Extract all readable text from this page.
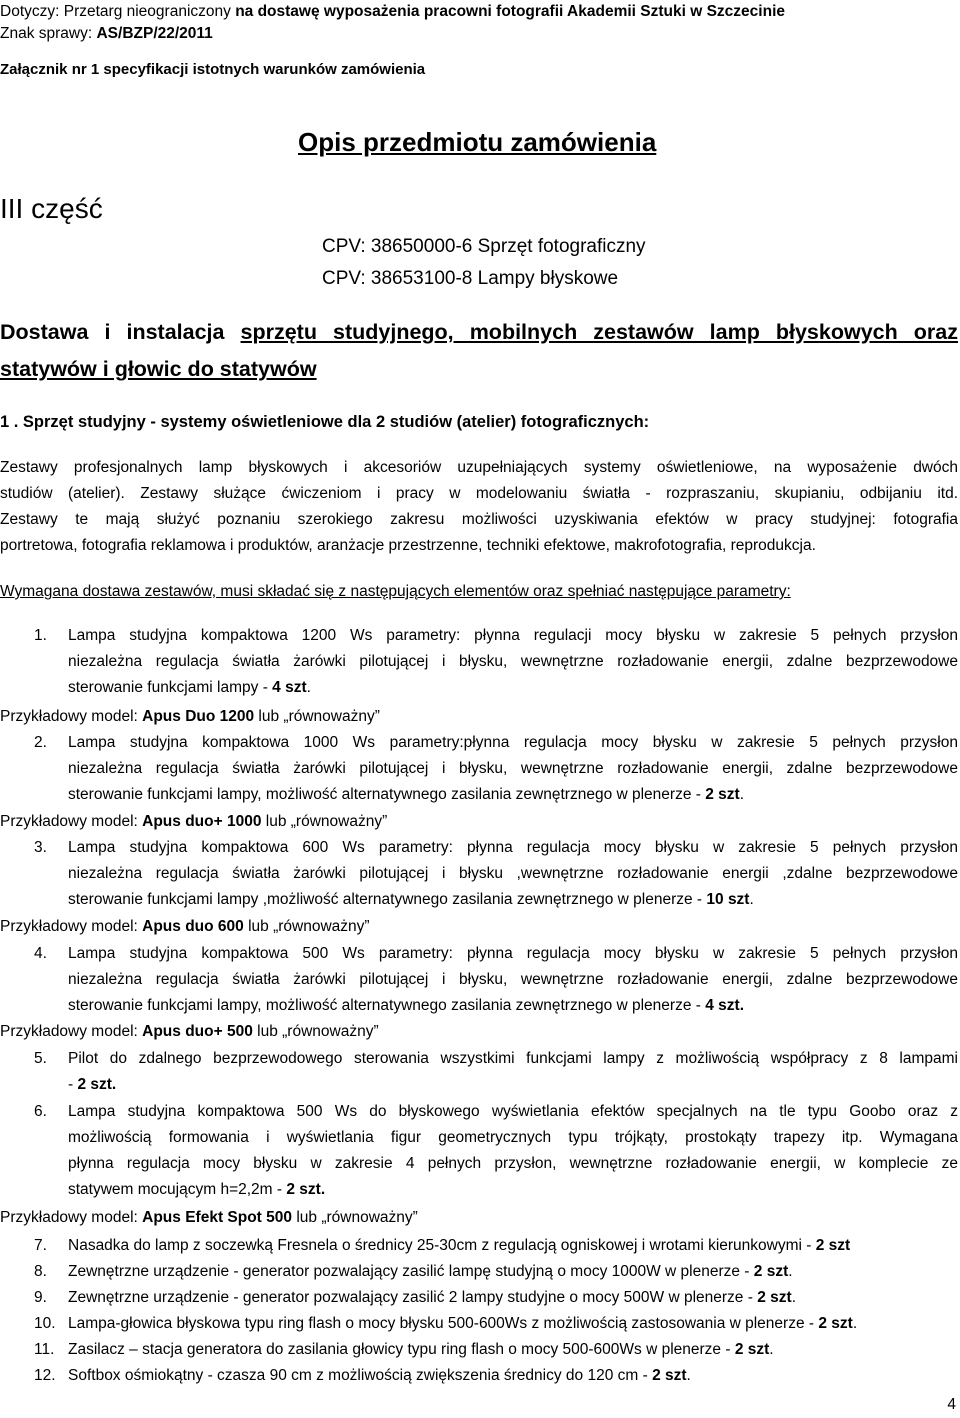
Dotyczy: Przetarg nieograniczony na dostawę wyposażenia pracowni fotografii Akademii Sztuki w Szczecinie
Znak sprawy: AS/BZP/22/2011
Załącznik nr 1 specyfikacji istotnych warunków zamówienia
Opis przedmiotu zamówienia
III część
CPV: 38650000-6 Sprzęt fotograficzny
CPV: 38653100-8 Lampy błyskowe
Dostawa i instalacja sprzętu studyjnego, mobilnych zestawów lamp błyskowych oraz
statywów i głowic do statywów
1 . Sprzęt studyjny - systemy oświetleniowe dla 2 studiów (atelier) fotograficznych:
Zestawy profesjonalnych lamp błyskowych i akcesoriów uzupełniających systemy oświetleniowe, na wyposażenie dwóch
studiów (atelier). Zestawy służące ćwiczeniom i pracy w modelowaniu światła - rozpraszaniu, skupianiu, odbijaniu itd.
Zestawy te mają służyć poznaniu szerokiego zakresu możliwości uzyskiwania efektów w pracy studyjnej: fotografia
portretowa, fotografia reklamowa i produktów, aranżacje przestrzenne, techniki efektowe, makrofotografia, reprodukcja.
Wymagana dostawa zestawów, musi składać się z następujących elementów oraz spełniać następujące parametry:
1.	Lampa studyjna kompaktowa 1200 Ws parametry: płynna regulacji mocy błysku w zakresie 5 pełnych przysłon
niezależna regulacja światła żarówki pilotującej i błysku, wewnętrzne rozładowanie energii, zdalne bezprzewodowe
sterowanie funkcjami lampy - 4 szt.
Przykładowy model: Apus Duo 1200 lub „równoważny”
2.	Lampa studyjna kompaktowa 1000 Ws parametry:płynna regulacja mocy błysku w zakresie 5 pełnych przysłon
niezależna regulacja światła żarówki pilotującej i błysku, wewnętrzne rozładowanie energii, zdalne bezprzewodowe
sterowanie funkcjami lampy, możliwość alternatywnego zasilania zewnętrznego w plenerze - 2 szt.
Przykładowy model: Apus duo+ 1000 lub „równoważny”
3.	Lampa studyjna kompaktowa 600 Ws parametry: płynna regulacja mocy błysku w zakresie 5 pełnych przysłon
niezależna regulacja światła żarówki pilotującej i błysku ,wewnętrzne rozładowanie energii ,zdalne bezprzewodowe
sterowanie funkcjami lampy ,możliwość alternatywnego zasilania zewnętrznego w plenerze - 10 szt.
Przykładowy model: Apus duo 600 lub „równoważny”
4.	Lampa studyjna kompaktowa 500 Ws parametry: płynna regulacja mocy błysku w zakresie 5 pełnych przysłon
niezależna regulacja światła żarówki pilotującej i błysku, wewnętrzne rozładowanie energii, zdalne bezprzewodowe
sterowanie funkcjami lampy, możliwość alternatywnego zasilania zewnętrznego w plenerze - 4 szt.
Przykładowy model: Apus duo+ 500 lub „równoważny”
5.	Pilot do zdalnego bezprzewodowego sterowania wszystkimi funkcjami lampy z możliwością współpracy z 8 lampami
- 2 szt.
6.	Lampa studyjna kompaktowa 500 Ws do błyskowego wyświetlania efektów specjalnych na tle typu Goobo oraz z
możliwością formowania i wyświetlania figur geometrycznych typu trójkąty, prostokąty trapezy itp. Wymagana
płynna regulacja mocy błysku w zakresie 4 pełnych przysłon, wewnętrzne rozładowanie energii, w komplecie ze
statywem mocującym h=2,2m - 2 szt.
Przykładowy model: Apus Efekt Spot 500 lub „równoważny”
7.	Nasadka do lamp z soczewką Fresnela o średnicy 25-30cm z regulacją ogniskowej i wrotami kierunkowymi - 2 szt
8.	Zewnętrzne urządzenie - generator pozwalający zasilić lampę studyjną o mocy 1000W w plenerze - 2 szt.
9.	Zewnętrzne urządzenie - generator pozwalający zasilić 2 lampy studyjne o mocy 500W w plenerze - 2 szt.
10. Lampa-głowica błyskowa typu ring flash o mocy błysku 500-600Ws z możliwością zastosowania w plenerze - 2 szt.
11. Zasilacz – stacja generatora do zasilania głowicy typu ring flash o mocy 500-600Ws w plenerze - 2 szt.
12. Softbox ośmiokątny - czasza 90 cm z możliwością zwiększenia średnicy do 120 cm - 2 szt.
4
